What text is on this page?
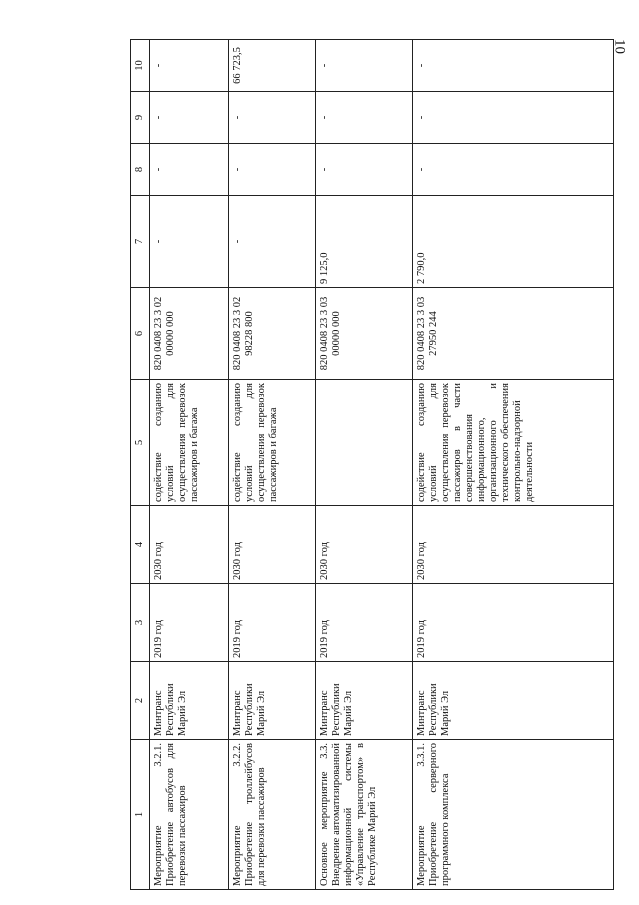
10
1	2	3	4	5	6	7	8	9	10
Мероприятие 3.2.1. Приобретение автобусов для перевозки пассажиров	Минтранс Республики Марий Эл	2019 год	2030 год	содействие созданию условий для осуществления перевозок пассажиров и багажа	820 0408 23 3 02 00000 000	-	-	-	-

Мероприятие 3.2.2. Приобретение троллейбусов для перевозки пассажиров	Минтранс Республики Марий Эл	2019 год	2030 год	содействие созданию условий для осуществления перевозок пассажиров и багажа	820 0408 23 3 02 98228 800	-	-	-	66 723,5

Основное мероприятие 3.3. Внедрение автоматизированной информационной системы «Управление транспортом» в Республике Марий Эл	Минтранс Республики Марий Эл	2019 год	2030 год		820 0408 23 3 03 00000 000	9 125,0	-	-	-

Мероприятие 3.3.1. Приобретение серверного программного комплекса	Минтранс Республики Марий Эл	2019 год	2030 год	содействие созданию условий для осуществления перевозок пассажиров в части совершенствования информационного, организационного и технического обеспечения контрольно-надзорной деятельности	820 0408 23 3 03 27950 244	2 790,0	-	-	-
